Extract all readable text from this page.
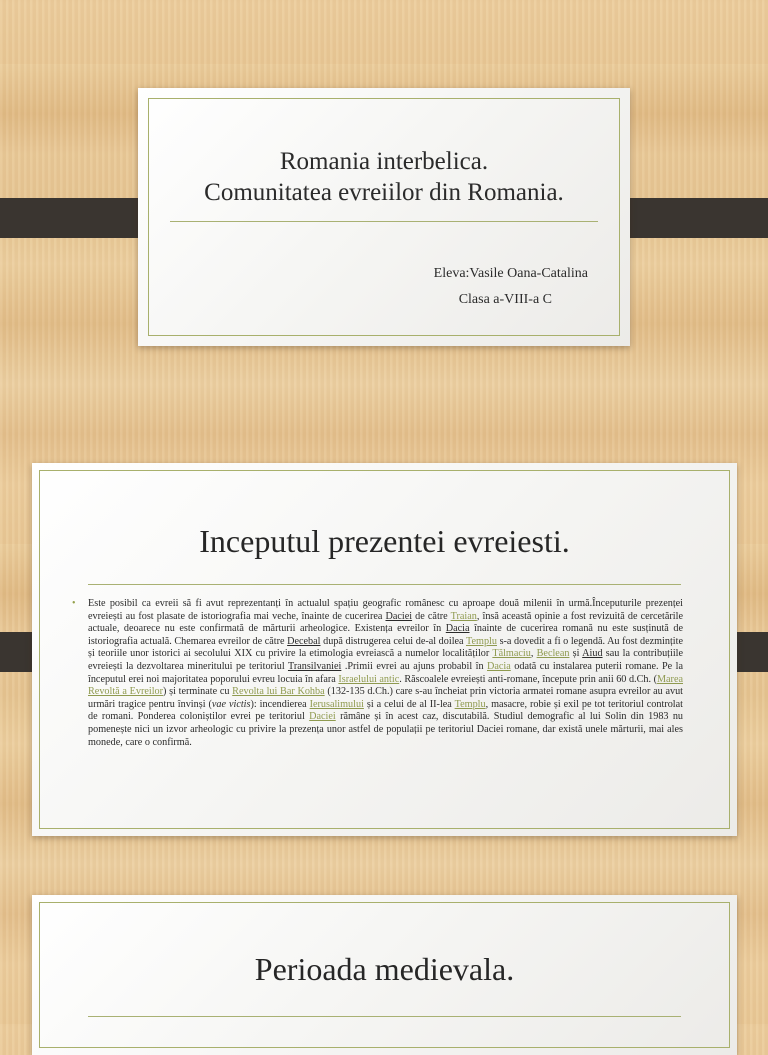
Romania interbelica.
Comunitatea evreiilor din Romania.
Eleva:Vasile Oana-Catalina
Clasa a-VIII-a C
Inceputul prezentei evreiesti.
• Este posibil ca evreii să fi avut reprezentanți în actualul spațiu geografic românesc cu aproape două milenii în urmă.Începuturile prezenței evreiești au fost plasate de istoriografia mai veche, înainte de cucerirea Daciei de către Traian, însă această opinie a fost revizuită de cercetările actuale, deoarece nu este confirmată de mărturii arheologice. Existența evreilor în Dacia înainte de cucerirea romană nu este susținută de istoriografia actuală. Chemarea evreilor de către Decebal după distrugerea celui de-al doilea Templu s-a dovedit a fi o legendă. Au fost dezmințite și teoriile unor istorici ai secolului XIX cu privire la etimologia evreiască a numelor localităților Tălmaciu, Beclean și Aiud sau la contribuțiile evreiești la dezvoltarea mineritului pe teritoriul Transilvaniei .Primii evrei au ajuns probabil în Dacia odată cu instalarea puterii romane. Pe la începutul erei noi majoritatea poporului evreu locuia în afara Israelului antic. Răscoalele evreiești anti-romane, începute prin anii 60 d.Ch. (Marea Revoltă a Evreilor) și terminate cu Revolta lui Bar Kohba (132-135 d.Ch.) care s-au încheiat prin victoria armatei romane asupra evreilor au avut urmări tragice pentru învinși (vae victis): incendierea Ierusalimului și a celui de al II-lea Templu, masacre, robie și exil pe tot teritoriul controlat de romani. Ponderea coloniștilor evrei pe teritoriul Daciei rămâne și în acest caz, discutabilă. Studiul demografic al lui Solin din 1983 nu pomenește nici un izvor arheologic cu privire la prezența unor astfel de populații pe teritoriul Daciei romane, dar există unele mărturii, mai ales monede, care o confirmă.
Perioada medievala.
